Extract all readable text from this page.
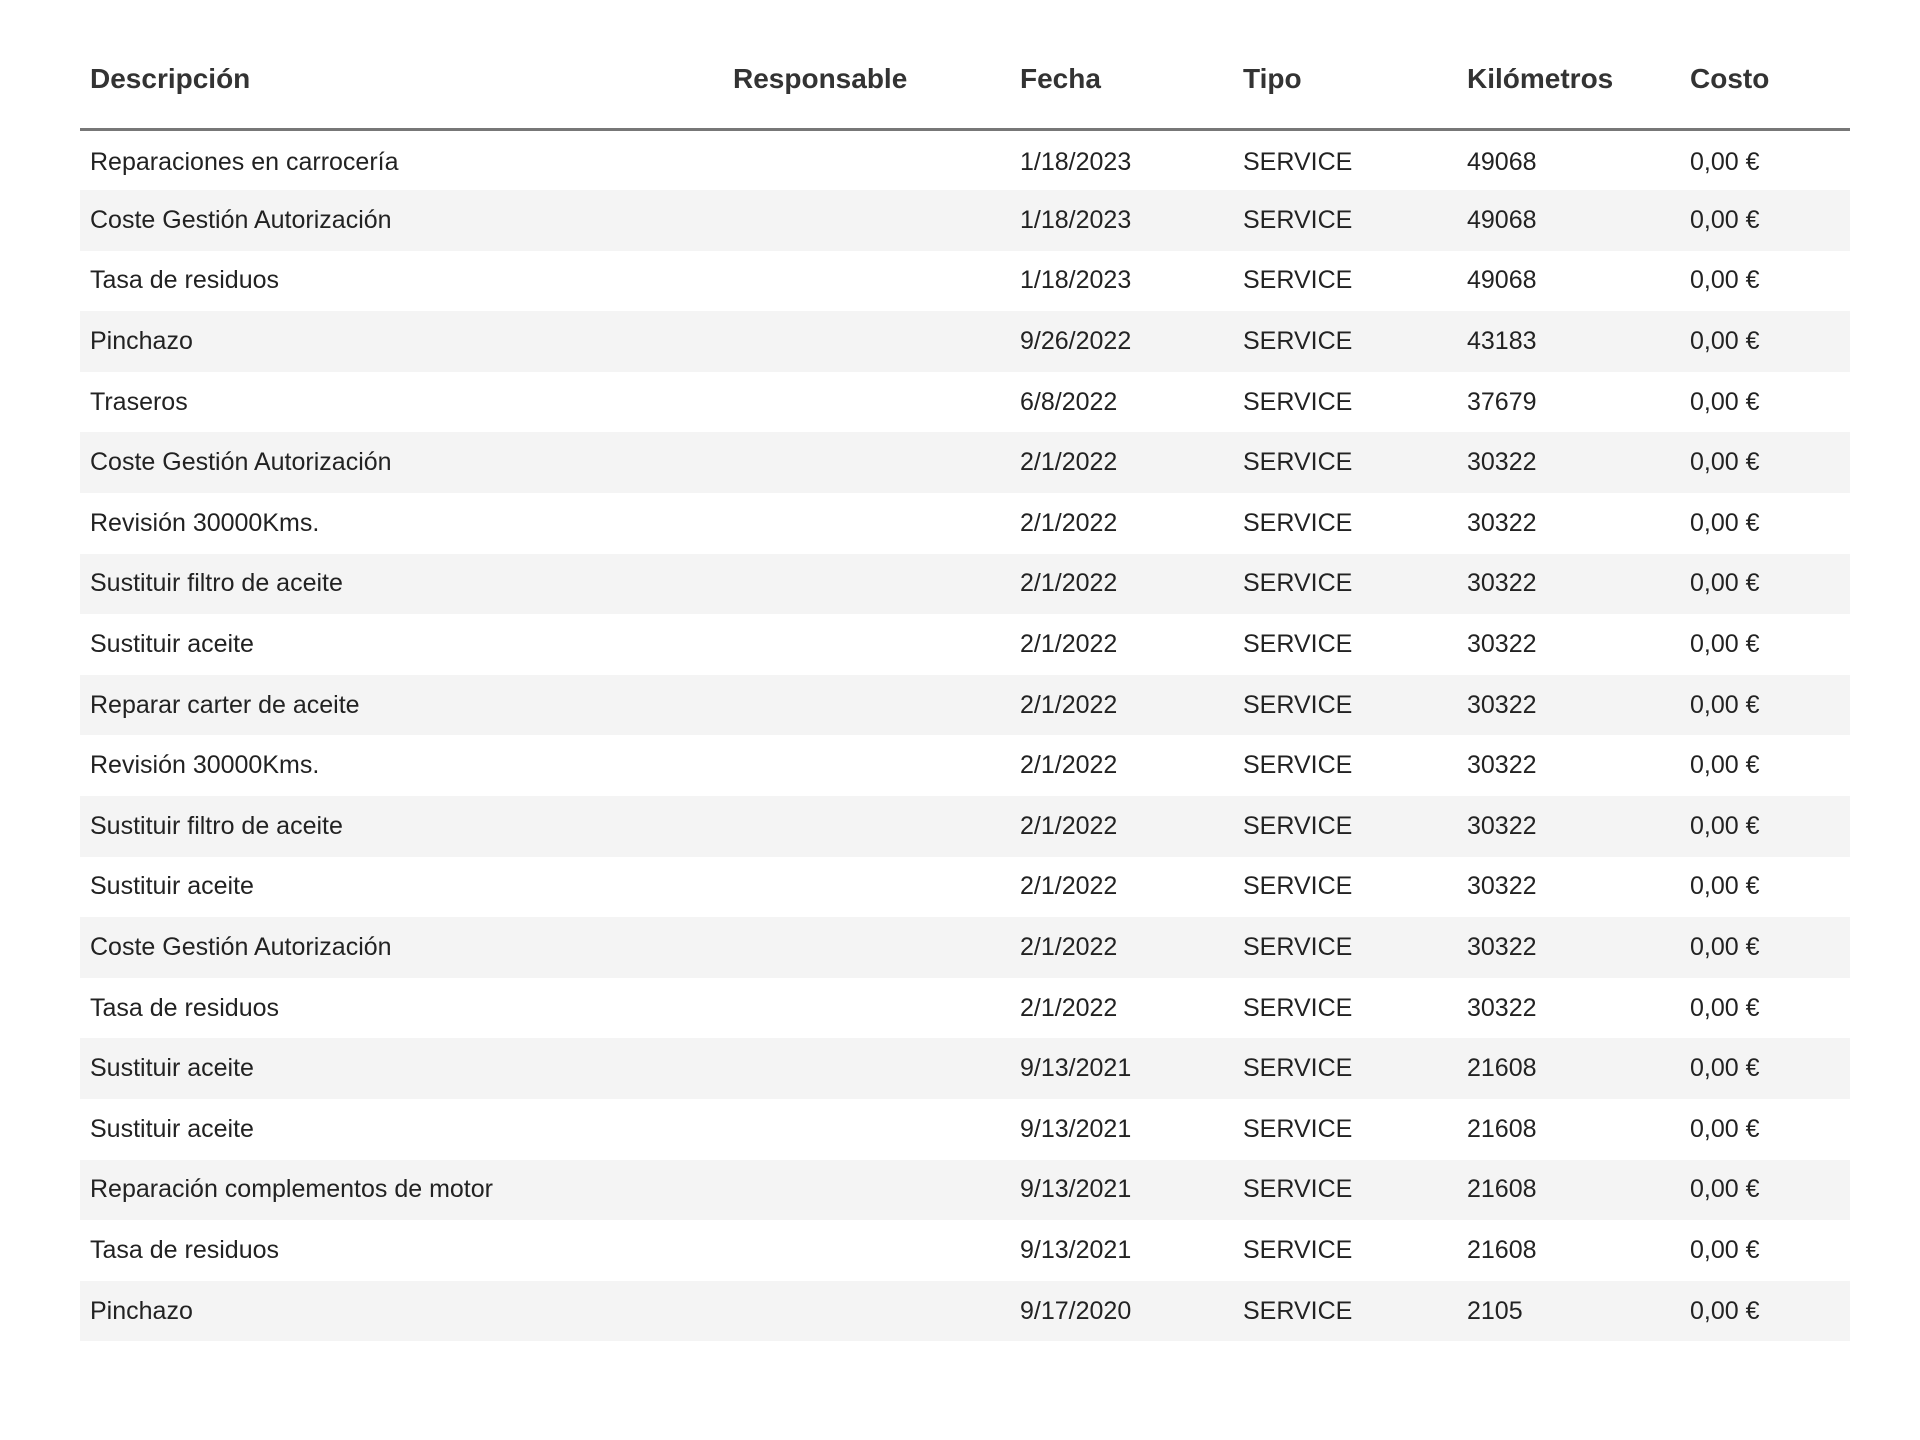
Descripción	Responsable	Fecha	Tipo	Kilómetros	Costo
Reparaciones en carrocería		1/18/2023	SERVICE	49068	0,00 €
Coste Gestión Autorización		1/18/2023	SERVICE	49068	0,00 €
Tasa de residuos		1/18/2023	SERVICE	49068	0,00 €
Pinchazo		9/26/2022	SERVICE	43183	0,00 €
Traseros		6/8/2022	SERVICE	37679	0,00 €
Coste Gestión Autorización		2/1/2022	SERVICE	30322	0,00 €
Revisión 30000Kms.		2/1/2022	SERVICE	30322	0,00 €
Sustituir filtro de aceite		2/1/2022	SERVICE	30322	0,00 €
Sustituir aceite		2/1/2022	SERVICE	30322	0,00 €
Reparar carter de aceite		2/1/2022	SERVICE	30322	0,00 €
Revisión 30000Kms.		2/1/2022	SERVICE	30322	0,00 €
Sustituir filtro de aceite		2/1/2022	SERVICE	30322	0,00 €
Sustituir aceite		2/1/2022	SERVICE	30322	0,00 €
Coste Gestión Autorización		2/1/2022	SERVICE	30322	0,00 €
Tasa de residuos		2/1/2022	SERVICE	30322	0,00 €
Sustituir aceite		9/13/2021	SERVICE	21608	0,00 €
Sustituir aceite		9/13/2021	SERVICE	21608	0,00 €
Reparación complementos de motor		9/13/2021	SERVICE	21608	0,00 €
Tasa de residuos		9/13/2021	SERVICE	21608	0,00 €
Pinchazo		9/17/2020	SERVICE	2105	0,00 €
